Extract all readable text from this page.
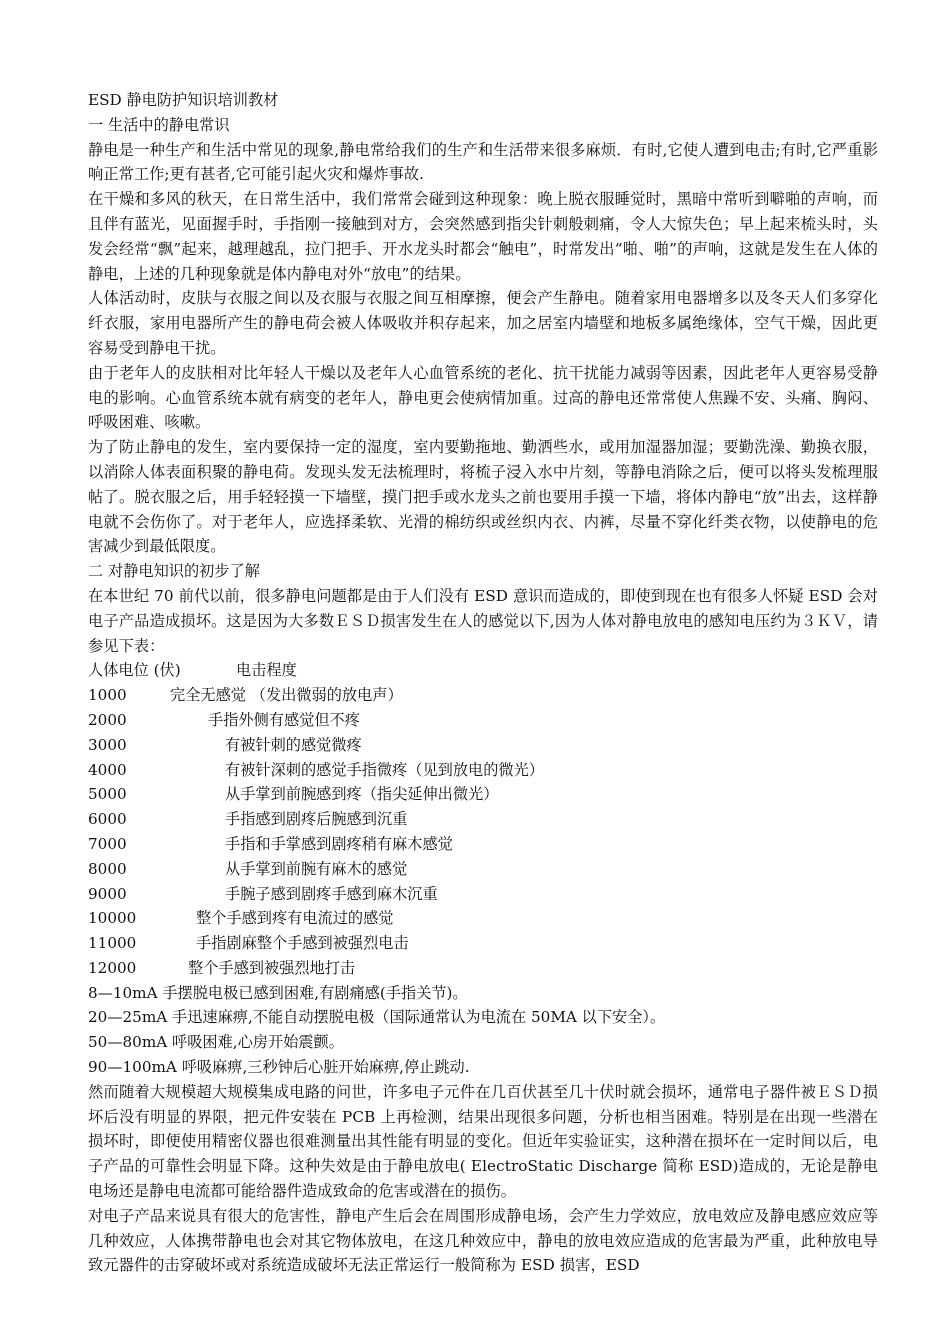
ESD 静电防护知识培训教材

一 生活中的静电常识

静电是一种生产和生活中常见的现象,静电常给我们的生产和生活带来很多麻烦．有时,它使人遭到电击;有时,它严重影响正常工作;更有甚者,它可能引起火灾和爆炸事故.

在干燥和多风的秋天，在日常生活中，我们常常会碰到这种现象：晚上脱衣服睡觉时，黑暗中常听到噼啪的声响，而且伴有蓝光，见面握手时，手指刚一接触到对方，会突然感到指尖针刺般刺痛，令人大惊失色；早上起来梳头时，头发会经常“飘”起来，越理越乱，拉门把手、开水龙头时都会“触电”，时常发出“啪、啪”的声响，这就是发生在人体的静电，上述的几种现象就是体内静电对外“放电”的结果。

人体活动时，皮肤与衣服之间以及衣服与衣服之间互相摩擦，便会产生静电。随着家用电器增多以及冬天人们多穿化纤衣服，家用电器所产生的静电荷会被人体吸收并积存起来，加之居室内墙壁和地板多属绝缘体，空气干燥，因此更容易受到静电干扰。

由于老年人的皮肤相对比年轻人干燥以及老年人心血管系统的老化、抗干扰能力减弱等因素，因此老年人更容易受静电的影响。心血管系统本就有病变的老年人，静电更会使病情加重。过高的静电还常常使人焦躁不安、头痛、胸闷、呼吸困难、咳嗽。

为了防止静电的发生，室内要保持一定的湿度，室内要勤拖地、勤洒些水，或用加湿器加湿；要勤洗澡、勤换衣服，以消除人体表面积聚的静电荷。发现头发无法梳理时，将梳子浸入水中片刻，等静电消除之后，便可以将头发梳理服帖了。脱衣服之后，用手轻轻摸一下墙壁，摸门把手或水龙头之前也要用手摸一下墙，将体内静电“放”出去，这样静电就不会伤你了。对于老年人，应选择柔软、光滑的棉纺织或丝织内衣、内裤，尽量不穿化纤类衣物，以使静电的危害减少到最低限度。

二 对静电知识的初步了解

在本世纪 70 前代以前，很多静电问题都是由于人们没有 ESD 意识而造成的，即使到现在也有很多人怀疑 ESD 会对电子产品造成损坏。这是因为大多数ＥＳＤ损害发生在人的感觉以下,因为人体对静电放电的感知电压约为３ＫＶ，请参见下表：

人体电位 (伏)	电击程度
1000	完全无感觉 （发出微弱的放电声）
2000	手指外侧有感觉但不疼
3000	有被针刺的感觉微疼
4000	有被针深刺的感觉手指微疼（见到放电的微光）
5000	从手掌到前腕感到疼（指尖延伸出微光）
6000	手指感到剧疼后腕感到沉重
7000	手指和手掌感到剧疼稍有麻木感觉
8000	从手掌到前腕有麻木的感觉
9000	手腕子感到剧疼手感到麻木沉重
10000	整个手感到疼有电流过的感觉
11000	手指剧麻整个手感到被强烈电击
12000	整个手感到被强烈地打击

8—10mA 手摆脱电极已感到困难,有剧痛感(手指关节)。

20—25mA 手迅速麻痹,不能自动摆脱电极（国际通常认为电流在 50MA 以下安全）。

50—80mA 呼吸困难,心房开始震颤。

90—100mA 呼吸麻痹,三秒钟后心脏开始麻痹,停止跳动.

然而随着大规模超大规模集成电路的问世，许多电子元件在几百伏甚至几十伏时就会损坏，通常电子器件被ＥＳＤ损坏后没有明显的界限，把元件安装在 PCB 上再检测，结果出现很多问题，分析也相当困难。特别是在出现一些潜在损坏时，即便使用精密仪器也很难测量出其性能有明显的变化。但近年实验证实，这种潜在损坏在一定时间以后，电子产品的可靠性会明显下降。这种失效是由于静电放电( ElectroStatic Discharge 简称 ESD)造成的，无论是静电电场还是静电电流都可能给器件造成致命的危害或潜在的损伤。

对电子产品来说具有很大的危害性，静电产生后会在周围形成静电场，会产生力学效应，放电效应及静电感应效应等几种效应，人体携带静电也会对其它物体放电，在这几种效应中，静电的放电效应造成的危害最为严重，此种放电导致元器件的击穿破坏或对系统造成破坏无法正常运行一般简称为 ESD 损害，ESD
